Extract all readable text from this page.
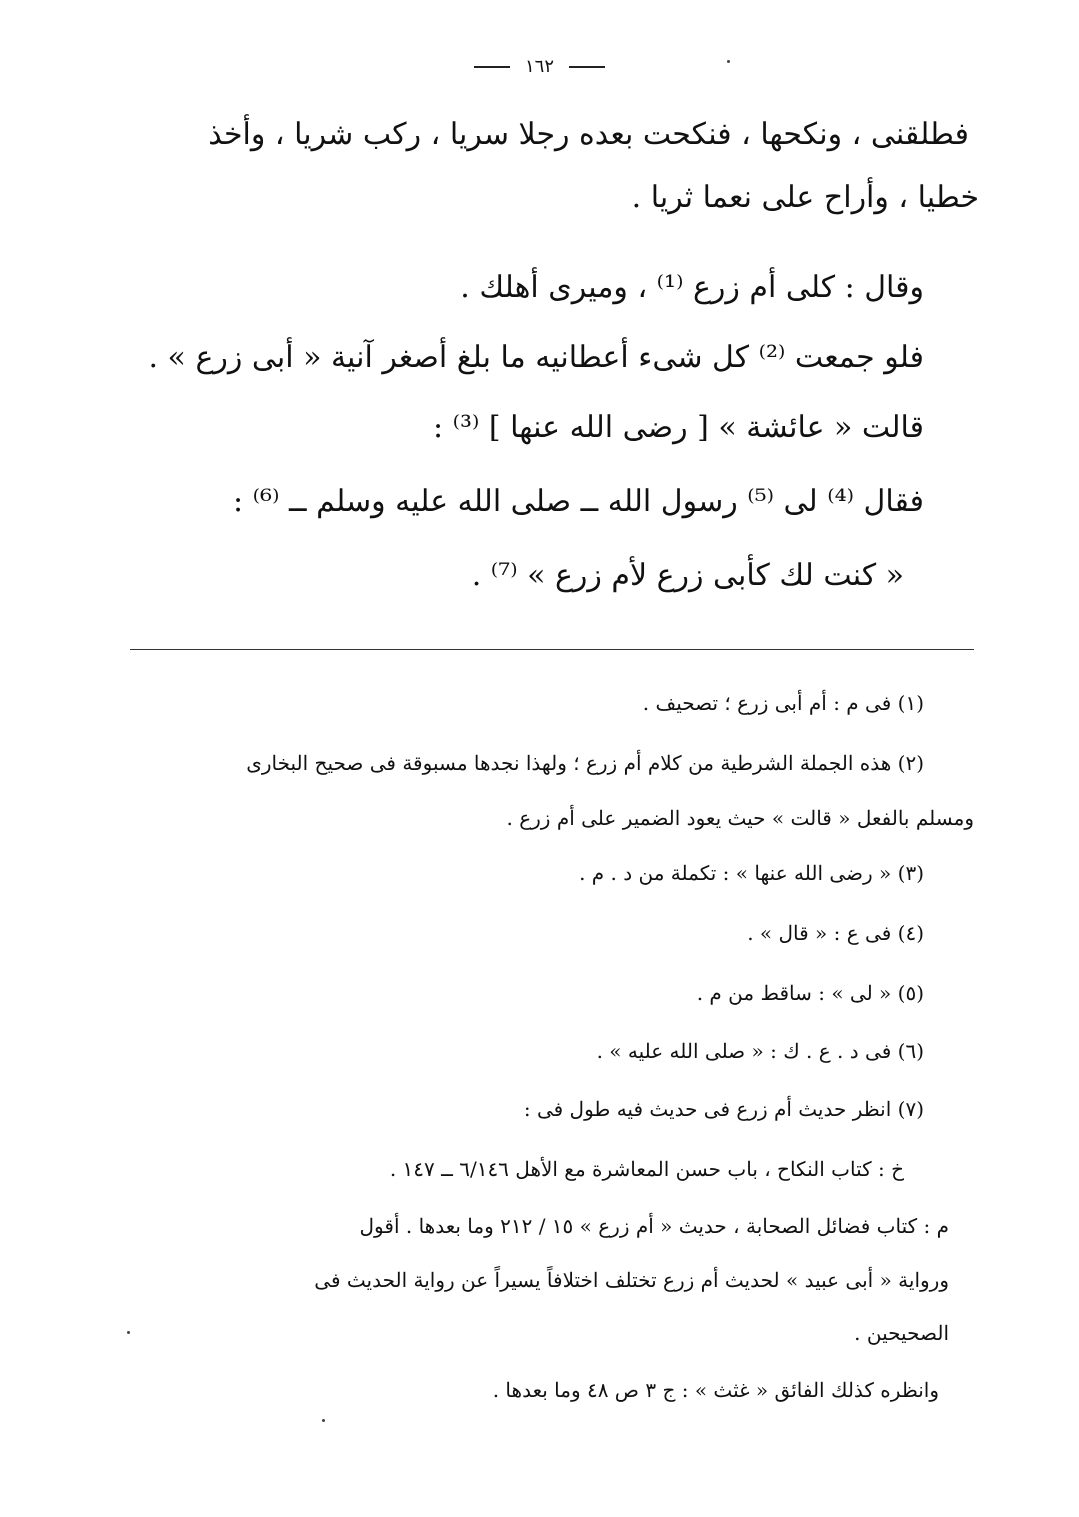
١٦٢
فطلقنى ، ونكحها ، فنكحت بعده رجلا سريا ، ركب شريا ، وأخذ
خطيا ، وأراح على نعما ثريا .
وقال : كلى أم زرع ⁽¹⁾ ، وميرى أهلك .
فلو جمعت ⁽²⁾ كل شىء أعطانيه ما بلغ أصغر آنية « أبى زرع » .
قالت « عائشة » [ رضى الله عنها ] ⁽³⁾ :
فقال ⁽⁴⁾ لى ⁽⁵⁾ رسول الله ــ صلى الله عليه وسلم ــ ⁽⁶⁾ :
« كنت لك كأبى زرع لأم زرع » ⁽⁷⁾ .
(١) فى م : أم أبى زرع ؛ تصحيف .
(٢) هذه الجملة الشرطية من كلام أم زرع ؛ ولهذا نجدها مسبوقة فى صحيح البخارى
ومسلم بالفعل « قالت » حيث يعود الضمير على أم زرع .
(٣) « رضى الله عنها » : تكملة من د . م .
(٤) فى ع : « قال » .
(٥) « لى » : ساقط من م .
(٦) فى د . ع . ك : « صلى الله عليه » .
(٧) انظر حديث أم زرع فى حديث فيه طول فى :
خ : كتاب النكاح ، باب حسن المعاشرة مع الأهل ٦/١٤٦ ــ ١٤٧ .
م : كتاب فضائل الصحابة ، حديث « أم زرع » ١٥ / ٢١٢ وما بعدها . أقول
ورواية « أبى عبيد » لحديث أم زرع تختلف اختلافاً يسيراً عن رواية الحديث فى
الصحيحين .
وانظره كذلك الفائق « غثث » : ج ٣ ص ٤٨ وما بعدها .
